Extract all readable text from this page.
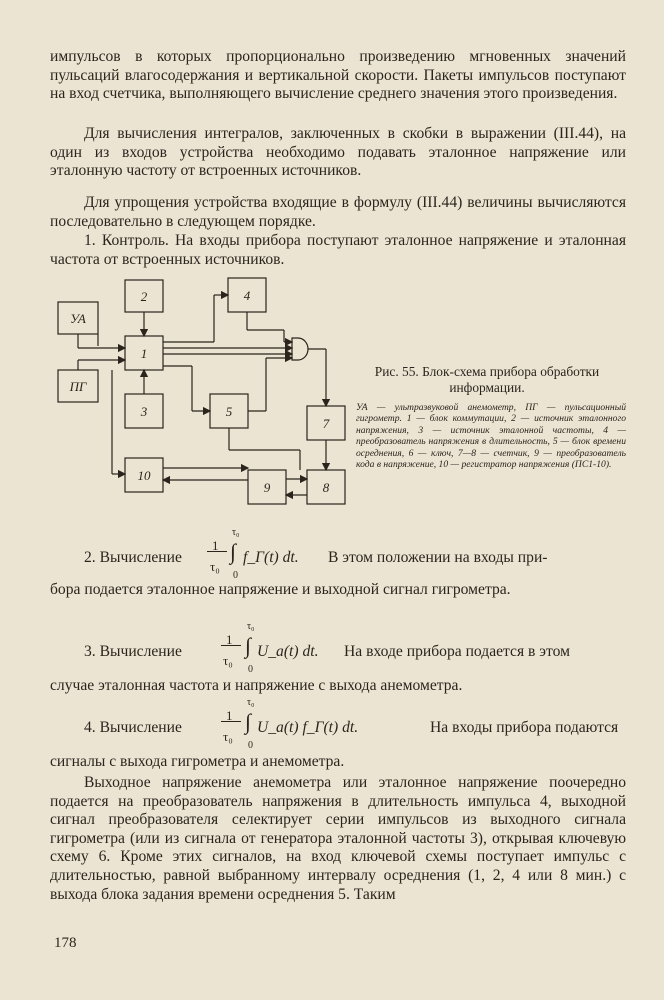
импульсов в которых пропорционально произведению мгновенных значений пульсаций влагосодержания и вертикальной скорости. Пакеты импульсов поступают на вход счетчика, выполняющего вычисление среднего значения этого произведения.

Для вычисления интегралов, заключенных в скобки в выражении (III.44), на один из входов устройства необходимо подавать эталонное напряжение или эталонную частоту от встроенных источников.

Для упрощения устройства входящие в формулу (III.44) величины вычисляются последовательно в следующем порядке.

1. Контроль. На входы прибора поступают эталонное напряжение и эталонная частота от встроенных источников.

УА
ПГ
1
2
3
4
5
7
8
9
10

Рис. 55. Блок-схема прибора обработки информации.

УА — ультразвуковой анемометр, ПГ — пульсационный гигрометр. 1 — блок коммутации, 2 — источник эталонного напряжения, 3 — источник эталонной частоты, 4 — преобразователь напряжения в длительность, 5 — блок времени осреднения, 6 — ключ, 7—8 — счетчик, 9 — преобразователь кода в напряжение, 10 — регистратор напряжения (ПС1-10).

2. Вычисление
1
τ₀
τ₀
∫
0
f_Г(t) dt. В этом положении на входы при-

бора подается эталонное напряжение и выходной сигнал гигрометра.

3. Вычисление
1
τ₀
τ₀
∫
0
U_a(t) dt. На входе прибора подается в этом

случае эталонная частота и напряжение с выхода анемометра.

4. Вычисление
1
τ₀
τ₀
∫
0
U_a(t) f_Г(t) dt.	На входы прибора подаются

сигналы с выхода гигрометра и анемометра.

Выходное напряжение анемометра или эталонное напряжение поочередно подается на преобразователь напряжения в длительность импульса 4, выходной сигнал преобразователя селектирует серии импульсов из выходного сигнала гигрометра (или из сигнала от генератора эталонной частоты 3), открывая ключевую схему 6. Кроме этих сигналов, на вход ключевой схемы поступает импульс с длительностью, равной выбранному интервалу осреднения (1, 2, 4 или 8 мин.) с выхода блока задания времени осреднения 5. Таким

178
